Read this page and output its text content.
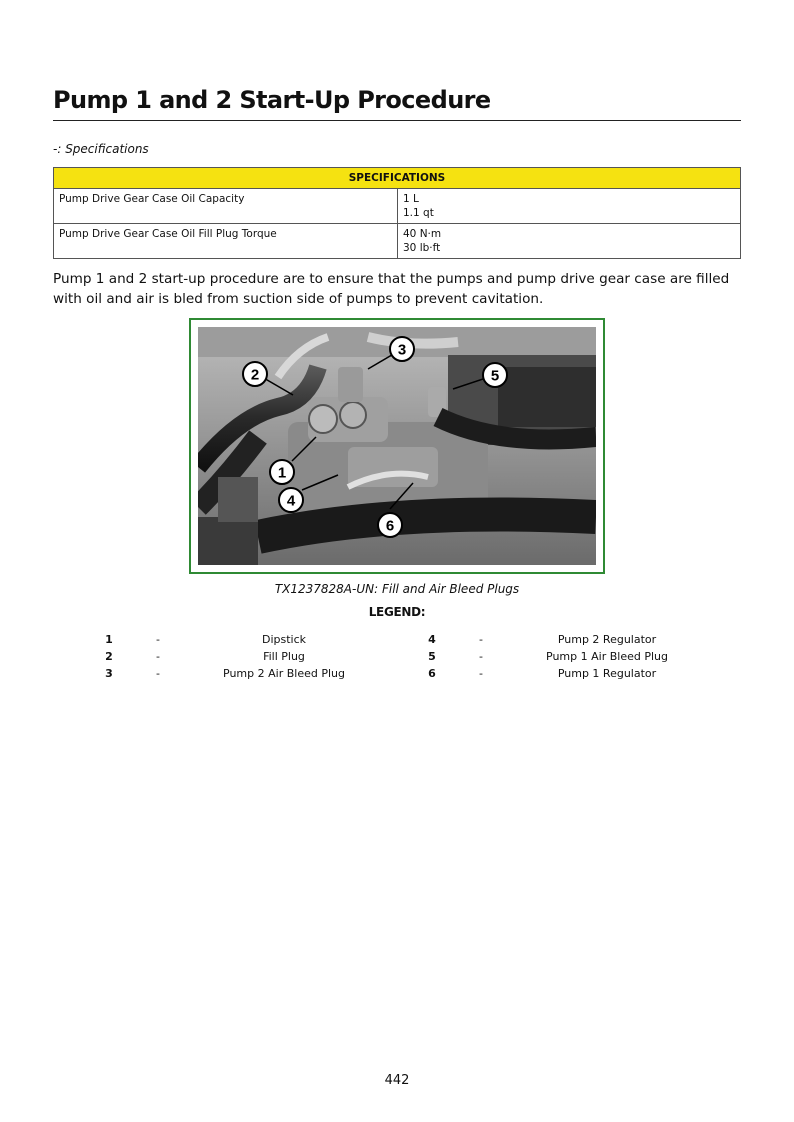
Pump 1 and 2 Start-Up Procedure
-: Specifications
SPECIFICATIONS	
Pump Drive Gear Case Oil Capacity	1 L
1.1 qt

Pump Drive Gear Case Oil Fill Plug Torque	40 N·m
30 lb·ft
Pump 1 and 2 start-up procedure are to ensure that the pumps and pump drive gear case are filled with oil and air is bled from suction side of pumps to prevent cavitation.
3
2	5
1
4
6
TX1237828A-UN: Fill and Air Bleed Plugs
LEGEND:
1	-	Dipstick	4	-	Pump 2 Regulator
2	-	Fill Plug	5	-	Pump 1 Air Bleed Plug
3	-	Pump 2 Air Bleed Plug	6	-	Pump 1 Regulator
442
